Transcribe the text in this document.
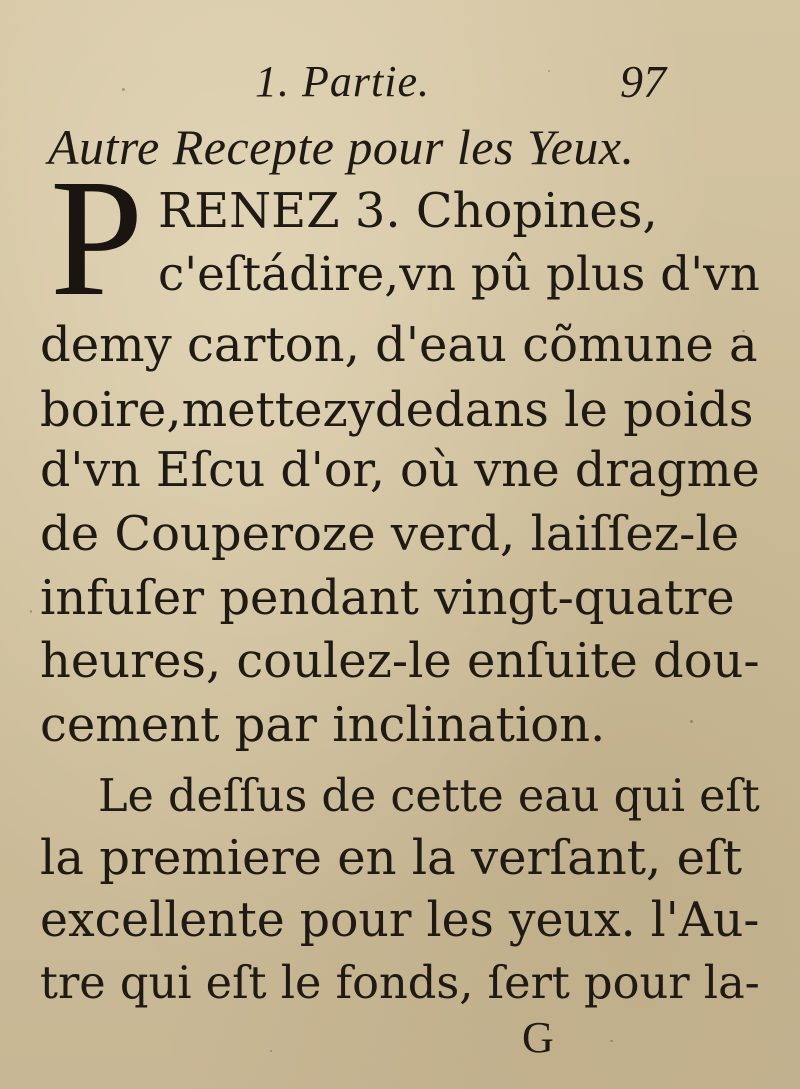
1. Partie.	97
Autre Recepte pour les Yeux.
P RENEZ 3. Chopines,
c'eſtádire,vn pû plus d'vn
demy carton, d'eau cõmune a
boire,mettezydedans le poids
d'vn Eſcu d'or, où vne dragme
de Couperoze verd, laiſſez-le
infuſer pendant vingt-quatre
heures, coulez-le enſuite dou-
cement par inclination.
Le deſſus de cette eau qui eſt
la premiere en la verſant, eſt
excellente pour les yeux. l'Au-
tre qui eſt le fonds, ſert pour la-
G
